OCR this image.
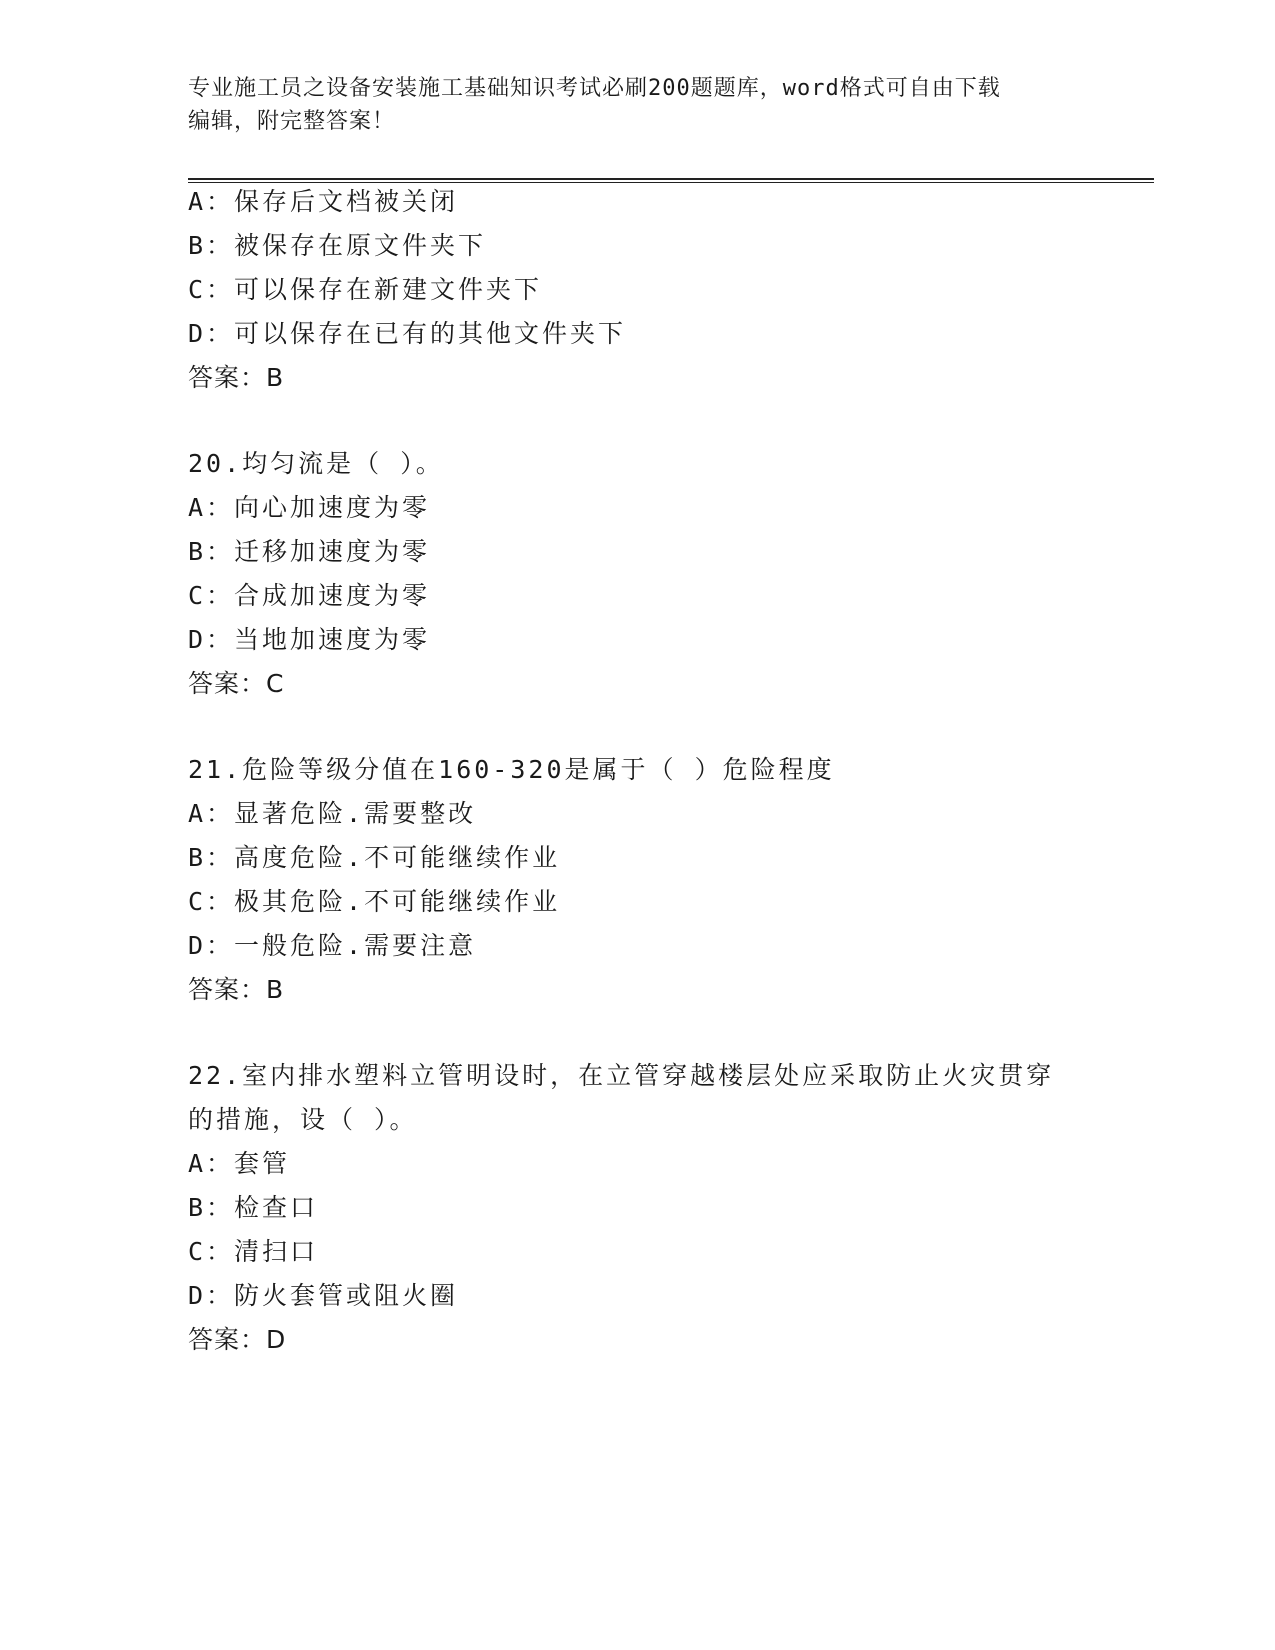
专业施工员之设备安装施工基础知识考试必刷200题题库，word格式可自由下载
编辑，附完整答案！
A：保存后文档被关闭
B：被保存在原文件夹下
C：可以保存在新建文件夹下
D：可以保存在已有的其他文件夹下
答案：B
20.均匀流是（ ）。
A：向心加速度为零
B：迁移加速度为零
C：合成加速度为零
D：当地加速度为零
答案：C
21.危险等级分值在160-320是属于（ ）危险程度
A：显著危险.需要整改
B：高度危险.不可能继续作业
C：极其危险.不可能继续作业
D：一般危险.需要注意
答案：B
22.室内排水塑料立管明设时，在立管穿越楼层处应采取防止火灾贯穿
的措施，设（ ）。
A：套管
B：检查口
C：清扫口
D：防火套管或阻火圈
答案：D
